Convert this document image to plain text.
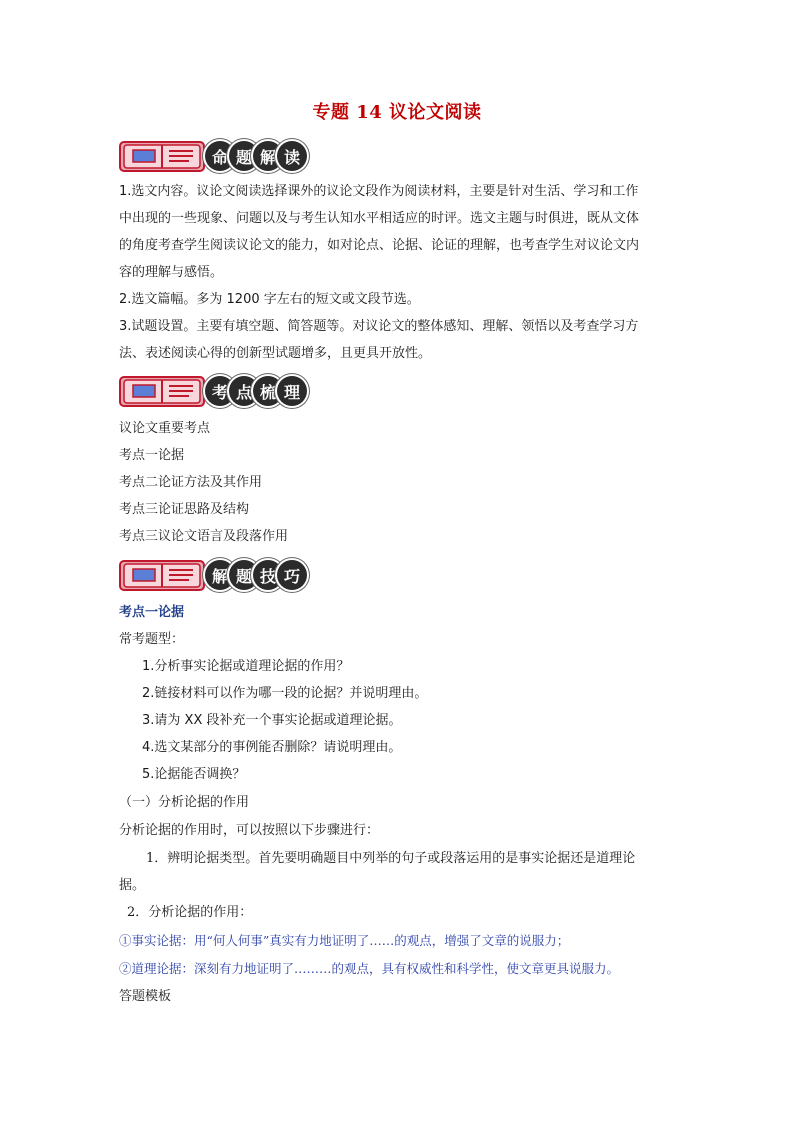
专题 14 议论文阅读
命 题 解 读
1.选文内容。议论文阅读选择课外的议论文段作为阅读材料，主要是针对生活、学习和工作
中出现的一些现象、问题以及与考生认知水平相适应的时评。选文主题与时俱进，既从文体
的角度考查学生阅读议论文的能力，如对论点、论据、论证的理解，也考查学生对议论文内
容的理解与感悟。
2.选文篇幅。多为 1200 字左右的短文或文段节选。
3.试题设置。主要有填空题、简答题等。对议论文的整体感知、理解、领悟以及考查学习方
法、表述阅读心得的创新型试题增多，且更具开放性。
考 点 梳 理
议论文重要考点
考点一论据
考点二论证方法及其作用
考点三论证思路及结构
考点三议论文语言及段落作用
解 题 技 巧
考点一论据
常考题型：
1.分析事实论据或道理论据的作用？
2.链接材料可以作为哪一段的论据？并说明理由。
3.请为 XX 段补充一个事实论据或道理论据。
4.选文某部分的事例能否删除？请说明理由。
5.论据能否调换？
（一）分析论据的作用
分析论据的作用时，可以按照以下步骤进行：
1．辨明论据类型。首先要明确题目中列举的句子或段落运用的是事实论据还是道理论
据。
2．分析论据的作用：
①事实论据：用“何人何事”真实有力地证明了……的观点，增强了文章的说服力；
②道理论据：深刻有力地证明了………的观点，具有权威性和科学性，使文章更具说服力。
答题模板
